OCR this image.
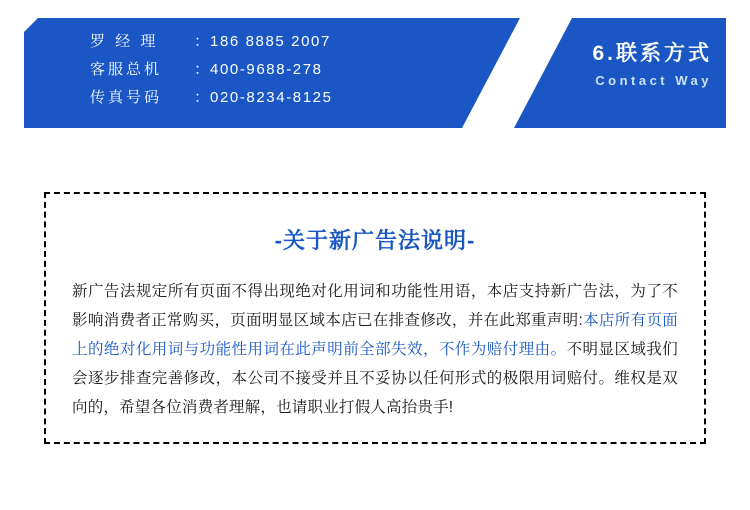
罗 经 理	： 186 8885 2007
客服总机	： 400-9688-278
传真号码	： 020-8234-8125
6.联系方式
Contact Way
-关于新广告法说明-
新广告法规定所有页面不得出现绝对化用词和功能性用语，本店支持新广告法，为了不影响消费者正常购买，页面明显区域本店已在排查修改，并在此郑重声明:本店所有页面上的绝对化用词与功能性用词在此声明前全部失效，不作为赔付理由。不明显区域我们会逐步排查完善修改，本公司不接受并且不妥协以任何形式的极限用词赔付。维权是双向的，希望各位消费者理解，也请职业打假人高抬贵手!
